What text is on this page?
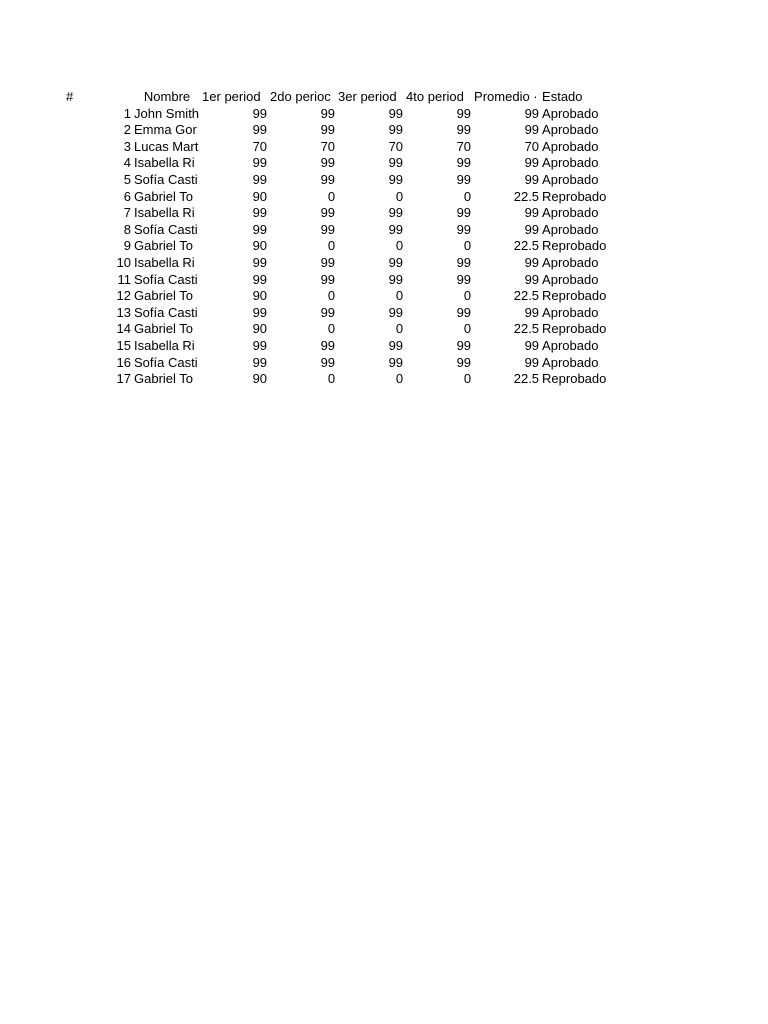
#	Nombre	1er period	2do perioc	3er period	4to period	Promedio ·	Estado
1	John Smith	99	99	99	99	99	Aprobado
2	Emma Gor	99	99	99	99	99	Aprobado
3	Lucas Mart	70	70	70	70	70	Aprobado
4	Isabella Ri	99	99	99	99	99	Aprobado
5	Sofía Casti	99	99	99	99	99	Aprobado
6	Gabriel To	90	0	0	0	22.5	Reprobado
7	Isabella Ri	99	99	99	99	99	Aprobado
8	Sofía Casti	99	99	99	99	99	Aprobado
9	Gabriel To	90	0	0	0	22.5	Reprobado
10	Isabella Ri	99	99	99	99	99	Aprobado
11	Sofía Casti	99	99	99	99	99	Aprobado
12	Gabriel To	90	0	0	0	22.5	Reprobado
13	Sofía Casti	99	99	99	99	99	Aprobado
14	Gabriel To	90	0	0	0	22.5	Reprobado
15	Isabella Ri	99	99	99	99	99	Aprobado
16	Sofía Casti	99	99	99	99	99	Aprobado
17	Gabriel To	90	0	0	0	22.5	Reprobado
